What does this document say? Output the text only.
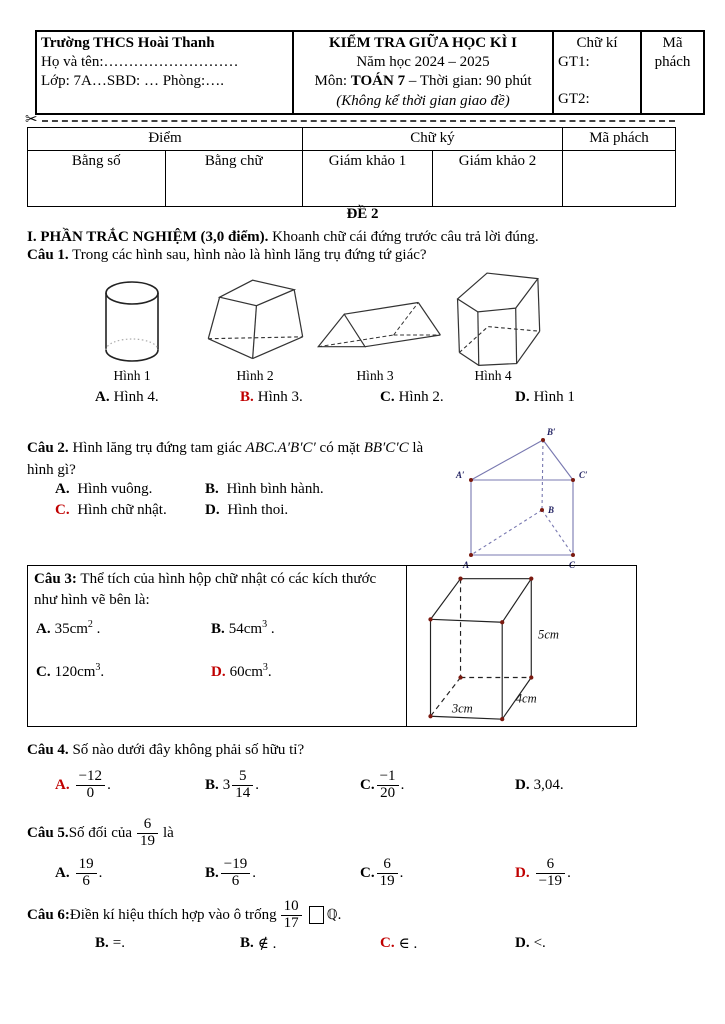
Trường THCS Hoài Thanh
Họ và tên:………………………
Lớp: 7A…SBD: … Phòng:….

KIỂM TRA GIỮA HỌC KÌ I
Năm học 2024 – 2025
Môn: TOÁN 7 – Thời gian: 90 phút
(Không kể thời gian giao đề)

Chữ kí
GT1:
GT2:

Mã phách
✂
Điểm		Chữ ký		Mã phách
Bằng số	Bằng chữ	Giám khảo 1	Giám khảo 2	
ĐỀ 2
I. PHẦN TRẮC NGHIỆM (3,0 điểm). Khoanh chữ cái đứng trước câu trả lời đúng.
Câu 1. Trong các hình sau, hình nào là hình lăng trụ đứng tứ giác?
Hình 1	Hình 2	Hình 3	Hình 4
A. Hình 4.	B. Hình 3.	C. Hình 2.	D. Hình 1
Câu 2. Hình lăng trụ đứng tam giác ABC.A′B′C′ có mặt BB′C′C là hình gì?
A. Hình vuông.	B. Hình bình hành.
C. Hình chữ nhật.	D. Hình thoi.
B′
A′	C′
B
A	C
Câu 3: Thể tích của hình hộp chữ nhật có các kích thước như hình vẽ bên là:
A. $35cm^2$ .	B. $54cm^3$ .
C. $120cm^3$.	D. $60cm^3$.
5cm
4cm
3cm
Câu 4. Số nào dưới đây không phải số hữu tỉ?
A. $\frac{-12}{0}$ .	B. $3 \frac{5}{14}$ .	C. $\frac{-1}{20}$ .	D. 3,04 .
Câu 5. Số đối của $\frac{6}{19}$ là
A. $\frac{19}{6}$ .	B. $\frac{-19}{6}$ .	C. $\frac{6}{19}$ .	D. $\frac{6}{-19}$ .
Câu 6: Điền kí hiệu thích hợp vào ô trống $\frac{10}{17}$ ℚ .
B. =.	B. ∉ .	C. ∈ .	D. <.
